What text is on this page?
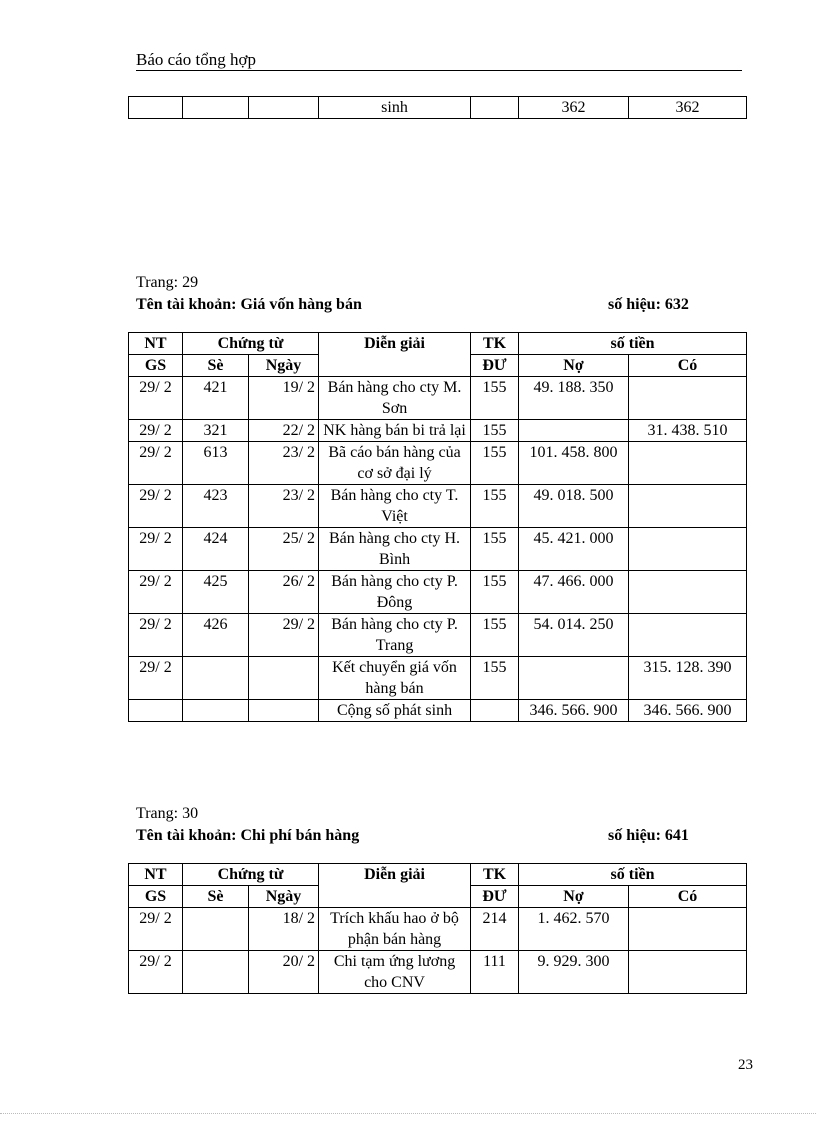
Báo cáo tổng hợp
			sinh		362	362
Trang: 29
Tên tài khoản: Giá vốn hàng bán	số hiệu: 632
NT	Chứng từ		Diễn giải	TK	số tiền	
GS	Sè	Ngày		ĐƯ	Nợ	Có
29/ 2	421	19/ 2	Bán hàng cho cty M. Sơn	155	49. 188. 350	
29/ 2	321	22/ 2	NK hàng bán bi trả lại	155		31. 438. 510
29/ 2	613	23/ 2	Bã cáo bán hàng của cơ sở đại lý	155	101. 458. 800	
29/ 2	423	23/ 2	Bán hàng cho cty T. Việt	155	49. 018. 500	
29/ 2	424	25/ 2	Bán hàng cho cty H. Bình	155	45. 421. 000	
29/ 2	425	26/ 2	Bán hàng cho cty P. Đông	155	47. 466. 000	
29/ 2	426	29/ 2	Bán hàng cho cty P. Trang	155	54. 014. 250	
29/ 2			Kết chuyển giá vốn hàng bán	155		315. 128. 390
			Cộng số phát sinh		346. 566. 900	346. 566. 900
Trang: 30
Tên tài khoản: Chi phí bán hàng	số hiệu: 641
NT	Chứng từ		Diễn giải	TK	số tiền	
GS	Sè	Ngày		ĐƯ	Nợ	Có
29/ 2		18/ 2	Trích khấu hao ở bộ phận bán hàng	214	1. 462. 570	
29/ 2		20/ 2	Chi tạm ứng lương cho CNV	111	9. 929. 300	
23
